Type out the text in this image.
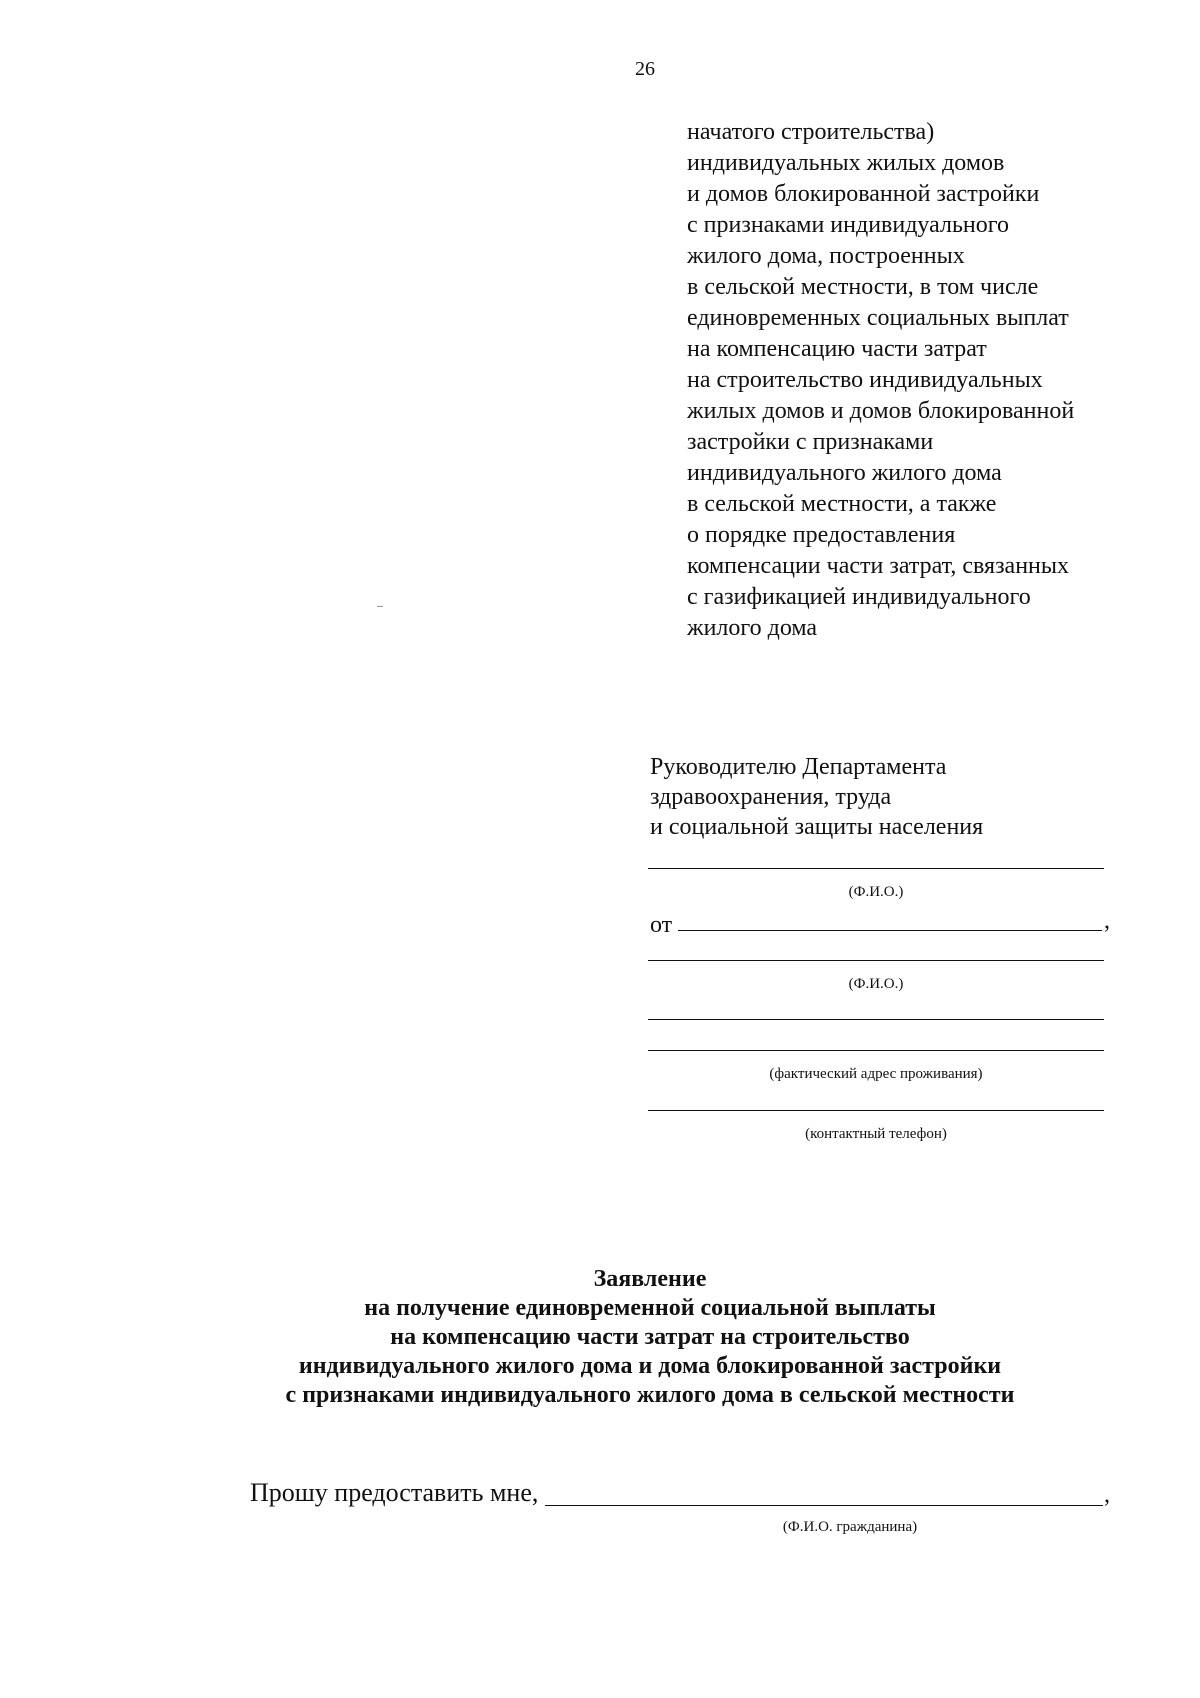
26
начатого строительства)
индивидуальных жилых домов
и домов блокированной застройки
с признаками индивидуального
жилого дома, построенных
в сельской местности, в том числе
единовременных социальных выплат
на компенсацию части затрат
на строительство индивидуальных
жилых домов и домов блокированной
застройки с признаками
индивидуального жилого дома
в сельской местности, а также
о порядке предоставления
компенсации части затрат, связанных
с газификацией индивидуального
жилого дома
Руководителю Департамента
здравоохранения, труда
и социальной защиты населения
(Ф.И.О.)
от	,
(Ф.И.О.)
(фактический адрес проживания)
(контактный телефон)
Заявление
на получение единовременной социальной выплаты
на компенсацию части затрат на строительство
индивидуального жилого дома и дома блокированной застройки
с признаками индивидуального жилого дома в сельской местности
Прошу предоставить мне,	,
(Ф.И.О. гражданина)
